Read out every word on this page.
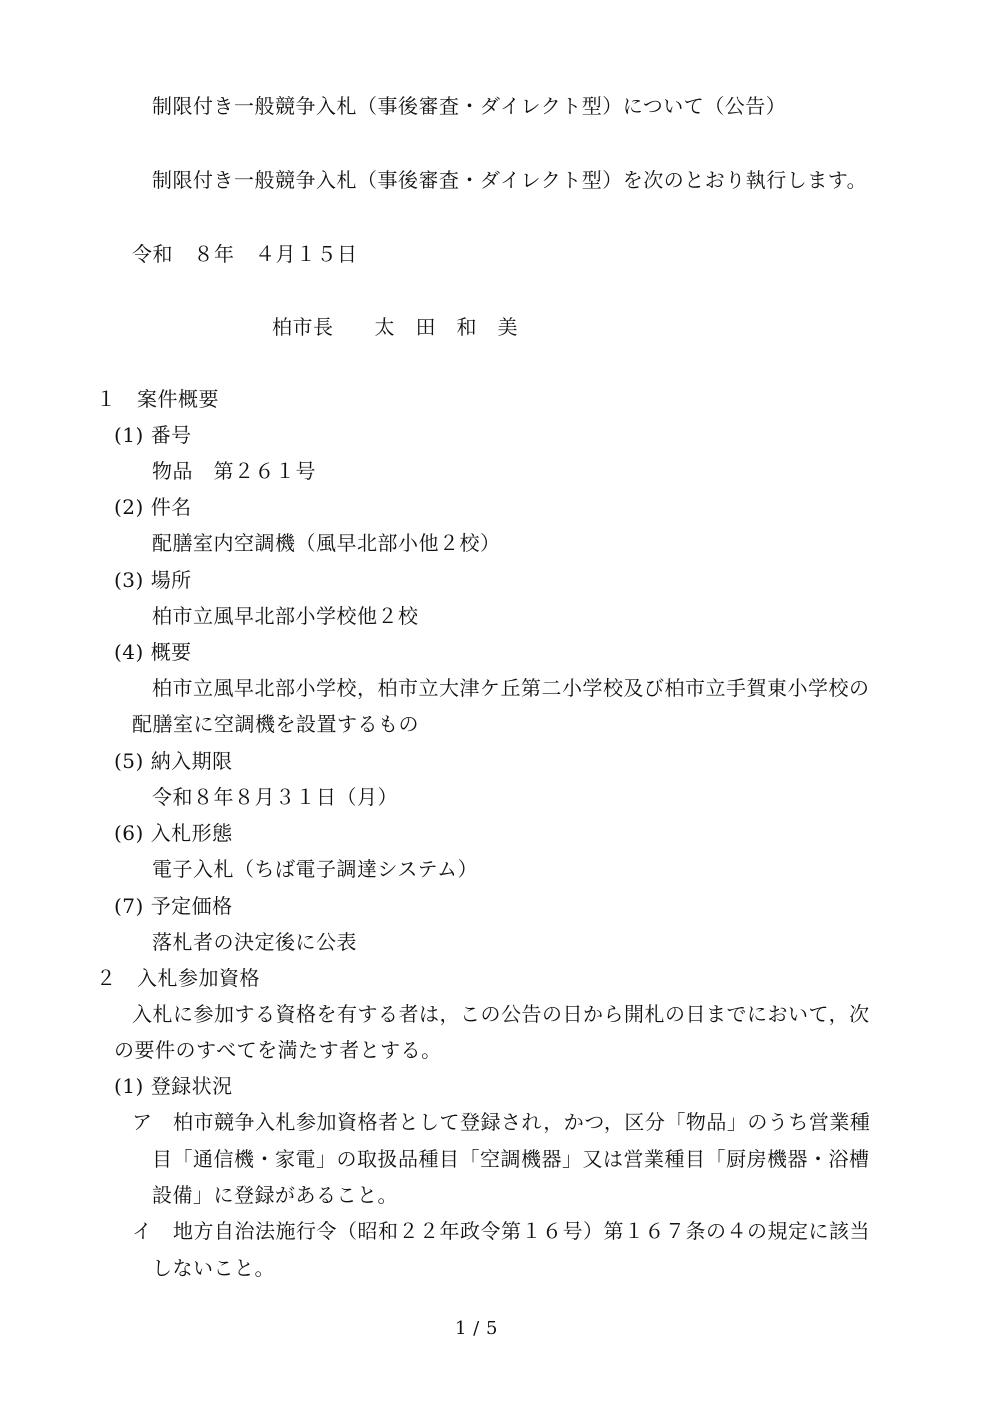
制限付き一般競争入札（事後審査・ダイレクト型）について（公告）
制限付き一般競争入札（事後審査・ダイレクト型）を次のとおり執行します。
令和　８年　４月１５日
柏市長　　太　田　和　美
１　案件概要
(1) 番号
物品　第２６１号
(2) 件名
配膳室内空調機（風早北部小他２校）
(3) 場所
柏市立風早北部小学校他２校
(4) 概要
柏市立風早北部小学校，柏市立大津ケ丘第二小学校及び柏市立手賀東小学校の
配膳室に空調機を設置するもの
(5) 納入期限
令和８年８月３１日（月）
(6) 入札形態
電子入札（ちば電子調達システム）
(7) 予定価格
落札者の決定後に公表
２　入札参加資格
入札に参加する資格を有する者は，この公告の日から開札の日までにおいて，次
の要件のすべてを満たす者とする。
(1) 登録状況
ア　柏市競争入札参加資格者として登録され，かつ，区分「物品」のうち営業種
目「通信機・家電」の取扱品種目「空調機器」又は営業種目「厨房機器・浴槽
設備」に登録があること。
イ　地方自治法施行令（昭和２２年政令第１６号）第１６７条の４の規定に該当
しないこと。
1 / 5
